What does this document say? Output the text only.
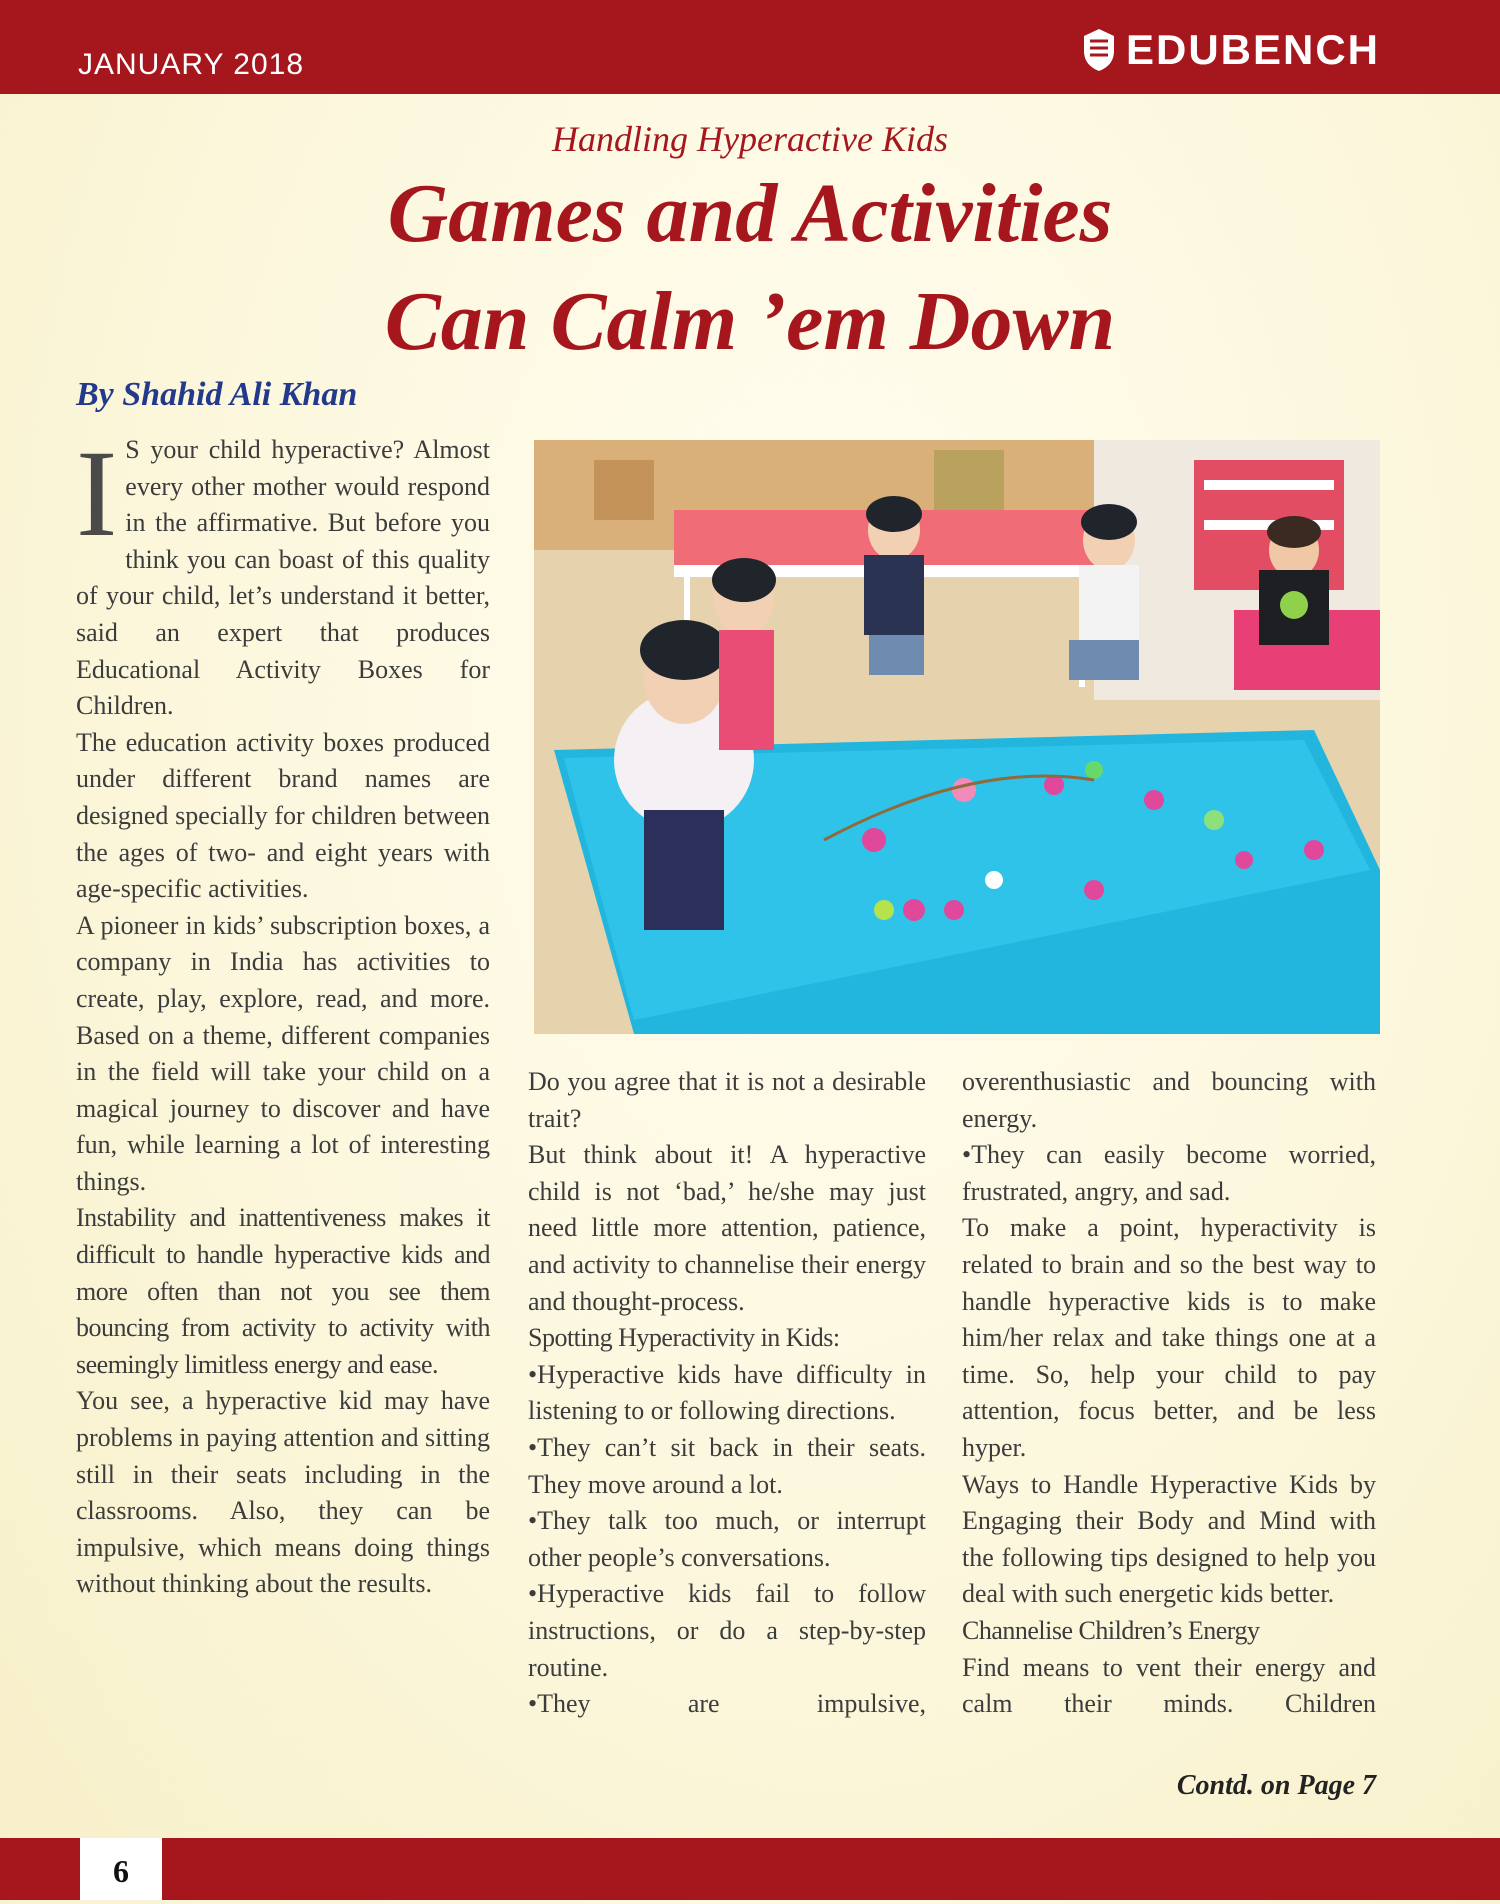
JANUARY 2018	EDUBENCH
Handling Hyperactive Kids
Games and Activities
Can Calm ’em Down
By Shahid Ali Khan

I S your child hyperactive? Almost every other mother would respond in the affirmative. But before you think you can boast of this quality of your child, let’s understand it better, said an expert that produces Educational Activity Boxes for Children.

The education activity boxes produced under different brand names are designed specially for children between the ages of two- and eight years with age-specific activities.

A pioneer in kids’ subscription boxes, a company in India has activities to create, play, explore, read, and more. Based on a theme, different companies in the field will take your child on a magical journey to discover and have fun, while learning a lot of interesting things.

Instability and inattentiveness makes it difficult to handle hyperactive kids and more often than not you see them bouncing from activity to activity with seemingly limitless energy and ease.

You see, a hyperactive kid may have problems in paying attention and sitting still in their seats including in the classrooms. Also, they can be impulsive, which means doing things without thinking about the results.

Do you agree that it is not a desirable trait?

But think about it! A hyperactive child is not ‘bad,’ he/she may just need little more attention, patience, and activity to channelise their energy and thought-process.

Spotting Hyperactivity in Kids:

•Hyperactive kids have difficulty in listening to or following directions.

•They can’t sit back in their seats. They move around a lot.

•They talk too much, or interrupt other people’s conversations.

•Hyperactive kids fail to follow instructions, or do a step-by-step routine.

•They are impulsive,

overenthusiastic and bouncing with energy.

•They can easily become worried, frustrated, angry, and sad.

To make a point, hyperactivity is related to brain and so the best way to handle hyperactive kids is to make him/her relax and take things one at a time. So, help your child to pay attention, focus better, and be less hyper.

Ways to Handle Hyperactive Kids by Engaging their Body and Mind with the following tips designed to help you deal with such energetic kids better.

Channelise Children’s Energy

Find means to vent their energy and calm their minds. Children

Contd. on Page 7
6
